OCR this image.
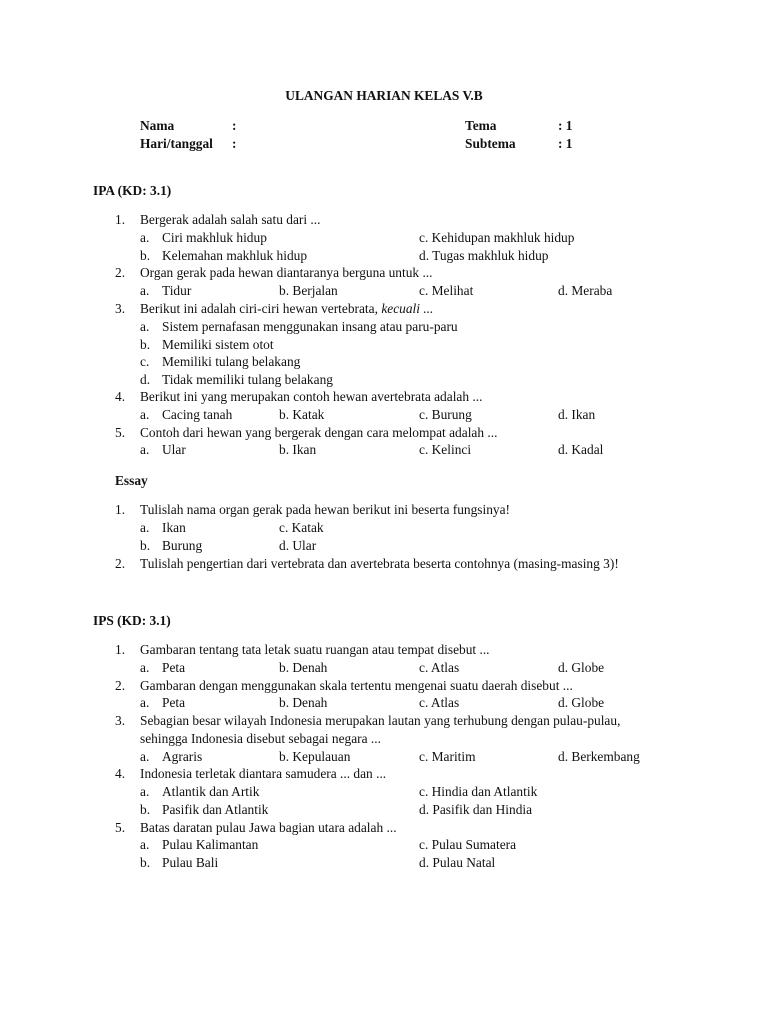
ULANGAN HARIAN KELAS V.B
Nama	:
Hari/tanggal :
Tema	: 1
Subtema	: 1
IPA (KD: 3.1)
1. Bergerak adalah salah satu dari ...
a. Ciri makhluk hidup	c. Kehidupan makhluk hidup
b. Kelemahan makhluk hidup	d. Tugas makhluk hidup
2. Organ gerak pada hewan diantaranya berguna untuk ...
a. Tidur	b. Berjalan	c. Melihat	d. Meraba
3. Berikut ini adalah ciri-ciri hewan vertebrata, kecuali ...
a. Sistem pernafasan menggunakan insang atau paru-paru
b. Memiliki sistem otot
c. Memiliki tulang belakang
d. Tidak memiliki tulang belakang
4. Berikut ini yang merupakan contoh hewan avertebrata adalah ...
a. Cacing tanah	b. Katak	c. Burung	d. Ikan
5. Contoh dari hewan yang bergerak dengan cara melompat adalah ...
a. Ular	b. Ikan	c. Kelinci	d. Kadal
Essay
1. Tulislah nama organ gerak pada hewan berikut ini beserta fungsinya!
a. Ikan	c. Katak
b. Burung	d. Ular
2. Tulislah pengertian dari vertebrata dan avertebrata beserta contohnya (masing-masing 3)!
IPS (KD: 3.1)
1. Gambaran tentang tata letak suatu ruangan atau tempat disebut ...
a. Peta	b. Denah	c. Atlas	d. Globe
2. Gambaran dengan menggunakan skala tertentu mengenai suatu daerah disebut ...
a. Peta	b. Denah	c. Atlas	d. Globe
3. Sebagian besar wilayah Indonesia merupakan lautan yang terhubung dengan pulau-pulau,
sehingga Indonesia disebut sebagai negara ...
a. Agraris	b. Kepulauan	c. Maritim	d. Berkembang
4. Indonesia terletak diantara samudera ... dan ...
a. Atlantik dan Artik	c. Hindia dan Atlantik
b. Pasifik dan Atlantik	d. Pasifik dan Hindia
5. Batas daratan pulau Jawa bagian utara adalah ...
a. Pulau Kalimantan	c. Pulau Sumatera
b. Pulau Bali	d. Pulau Natal
